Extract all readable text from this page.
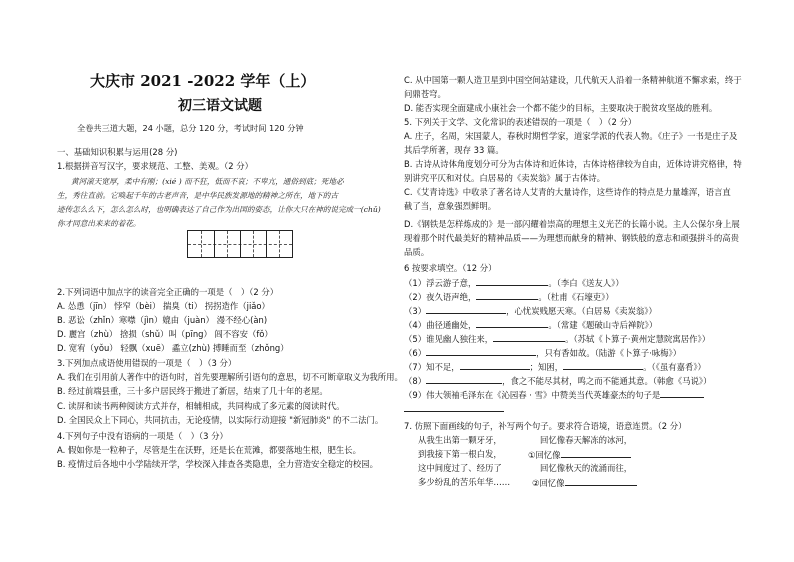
大庆市 2021 -2022 学年（上）
初三语文试题
全卷共三道大题，24 小题，总分 120 分，考试时间 120 分钟
一、基础知识积累与运用(28 分)
1.根据拼音写汉字，要求规范、工整、美观。（2 分）
黄河滚天宽厚，柔中有刚；(xié ) 而不狂，低而不哀；不卑亢，通俗到底；死地必
生，秀往直前。它唤起千年的古老声音，是中华民族发源地的精神之所在，地下的古
迹传怎么么下，怎么怎么时，也明确表达了自己作为出国的姿态，让你大只在神的说完成一(chǔ)
你才同意出来来的着花。
2.下列词语中加点字的读音完全正确的一项是（　）（2 分）
A. 怂恿（jīn） 悖窄（bèi） 揣臭（ti） 拐拐造作（jiǎo）
B. 恶讼（zhǐn）寒噤（jìn）媲由（juàn） 漫不经心(àn)
D. 麗宫（zhù） 捨损（shǔ）叫（pīng） 闾不容安（fǒ）
D. 宽宥（yǒu） 轻飘（xuē） 蟊立(zhù) 搏睡而至（zhǒng）
3.下列加点成语使用错误的一项是（　）（3 分）
A. 我们在引用前人著作中的语句时，首先要理解所引语句的意思，切不可断章取义为我所用。
B. 经过前端县重，三十多户居民终于搬进了新居，结束了几十年的老屋。
C. 读屏和读书两种阅读方式并存，相辅相成，共同构成了多元素的阅读时代。
D. 全国民众上下同心，共同抗击，无论疫情，以实际行动迎接 "新冠肺炎" 的不二法门。
4.下列句子中没有语病的一项是（　）（3 分）
A. 假如你是一粒种子，尽管是生在沃野，还是长在荒滩，都要落地生根，肥生长。
B. 疫情过后各地中小学陆续开学，学校深入排查各类隐患，全力营造安全稳定的校园。
C. 从中国第一颗人造卫星到中国空间站建设，几代航天人沿着一条精神航道不懈求索，终于
问鼎苍穹。
D. 能否实现全面建成小康社会一个都不能少的目标，主要取决于脱贫攻坚战的胜利。
5. 下列关于文学、文化常识的表述错误的一项是（　）（2 分）
A. 庄子，名周，宋国蒙人，春秋时期哲学家，道家学派的代表人物。《庄子》一书是庄子及
其后学所著，现存 33 篇。
B. 古诗从诗体角度划分可分为古体诗和近体诗，古体诗格律较为自由，近体诗讲究格律，特
别讲究平仄和对仗。白居易的《卖炭翁》属于古体诗。
C.《艾青诗选》中收录了著名诗人艾青的大量诗作，这些诗作的特点是力量雄浑，语言直
截了当，意象强烈鲜明。
D.《钢铁是怎样炼成的》是一部闪耀着崇高的理想主义光芒的长篇小说。主人公保尔身上展
现着那个时代最美好的精神品质——为理想而献身的精神、钢铁般的意志和顽强拼斗的高贵
品质。
6 按要求填空。（12 分）
（1）浮云游子意，	。（李白《送友人》）
（2）夜久语声绝，	。（杜甫《石壕吏》）
（3）	，心忧炭贱愿天寒。（白居易《卖炭翁》）
（4）曲径通幽处，	。（常建《题破山寺后禅院》）
（5）谁见幽人独往来，	。（苏轼《卜算子·黄州定慧院寓居作》）
（6）	，只有香如故。（陆游《卜算子·咏梅》）
（7）知不足，	；知困，	。（《虽有嘉肴》）
（8）	，食之不能尽其材，鸣之而不能通其意。（韩愈《马说》）
（9）伟大领袖毛泽东在《沁园春 · 雪》中赞美当代英雄豪杰的句子是
7. 仿照下面画线的句子，补写两个句子。要求符合语境，语意连贯。（2 分）
从我生出第一颗牙牙，	回忆像春天解冻的冰河，
到我接下第一根白发，	①回忆像
这中间度过了、经历了	回忆像秋天的流涌而往，
多少纷乱的苦乐年华……	②回忆像
